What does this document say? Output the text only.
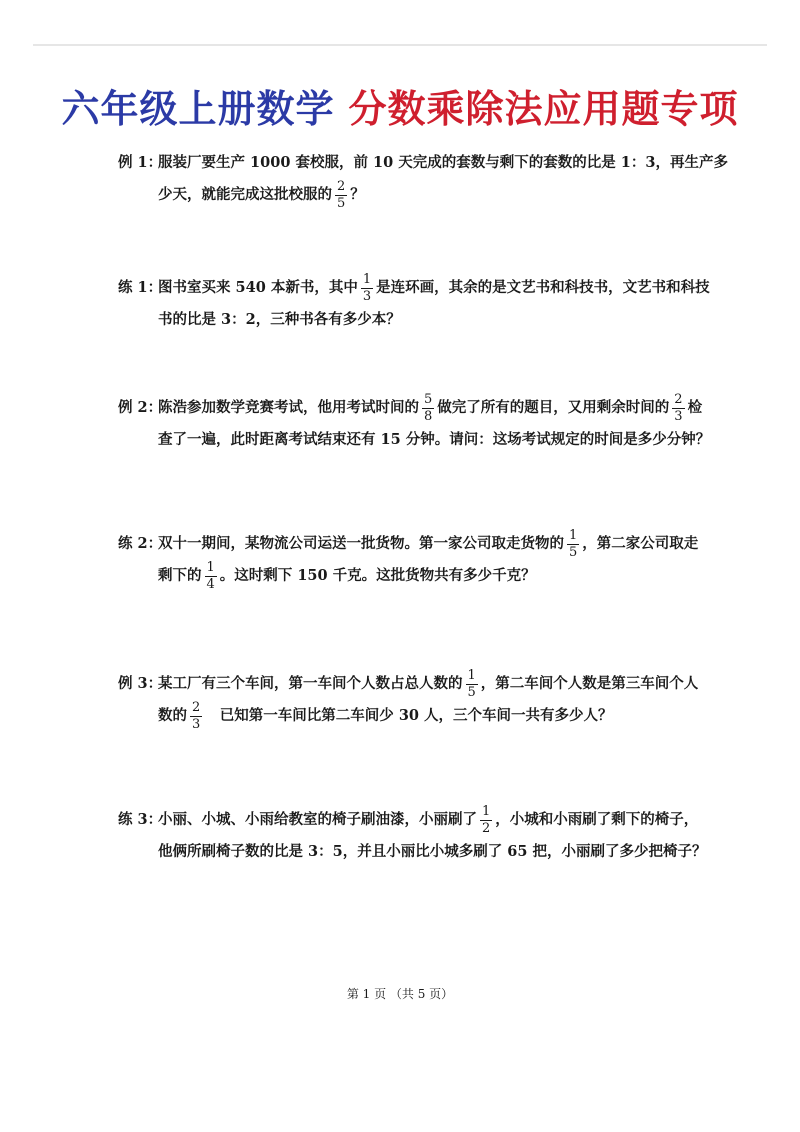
六年级上册数学 分数乘除法应用题专项
例 1：
服装厂要生产 1000 套校服，前 10 天完成的套数与剩下的套数的比是 1：3，再生产多
少天，就能完成这批校服的 $\frac{2}{5}$ ？
练 1：
图书室买来 540 本新书，其中 $\frac{1}{3}$ 是连环画，其余的是文艺书和科技书，文艺书和科技
书的比是 3：2，三种书各有多少本？
例 2：
陈浩参加数学竞赛考试，他用考试时间的 $\frac{5}{8}$ 做完了所有的题目，又用剩余时间的 $\frac{2}{3}$ 检
查了一遍，此时距离考试结束还有 15 分钟。请问：这场考试规定的时间是多少分钟？
练 2：
双十一期间，某物流公司运送一批货物。第一家公司取走货物的 $\frac{1}{5}$ ，第二家公司取走
剩下的 $\frac{1}{4}$ 。这时剩下 150 千克。这批货物共有多少千克？
例 3：
某工厂有三个车间，第一车间个人数占总人数的 $\frac{1}{5}$ ，第二车间个人数是第三车间个人
数的 $\frac{2}{3}$ 　已知第一车间比第二车间少 30 人，三个车间一共有多少人？
练 3：
小丽、小城、小雨给教室的椅子刷油漆，小丽刷了 $\frac{1}{2}$ ，小城和小雨刷了剩下的椅子，
他俩所刷椅子数的比是 3：5，并且小丽比小城多刷了 65 把，小丽刷了多少把椅子？
第 1 页 （共 5 页）
